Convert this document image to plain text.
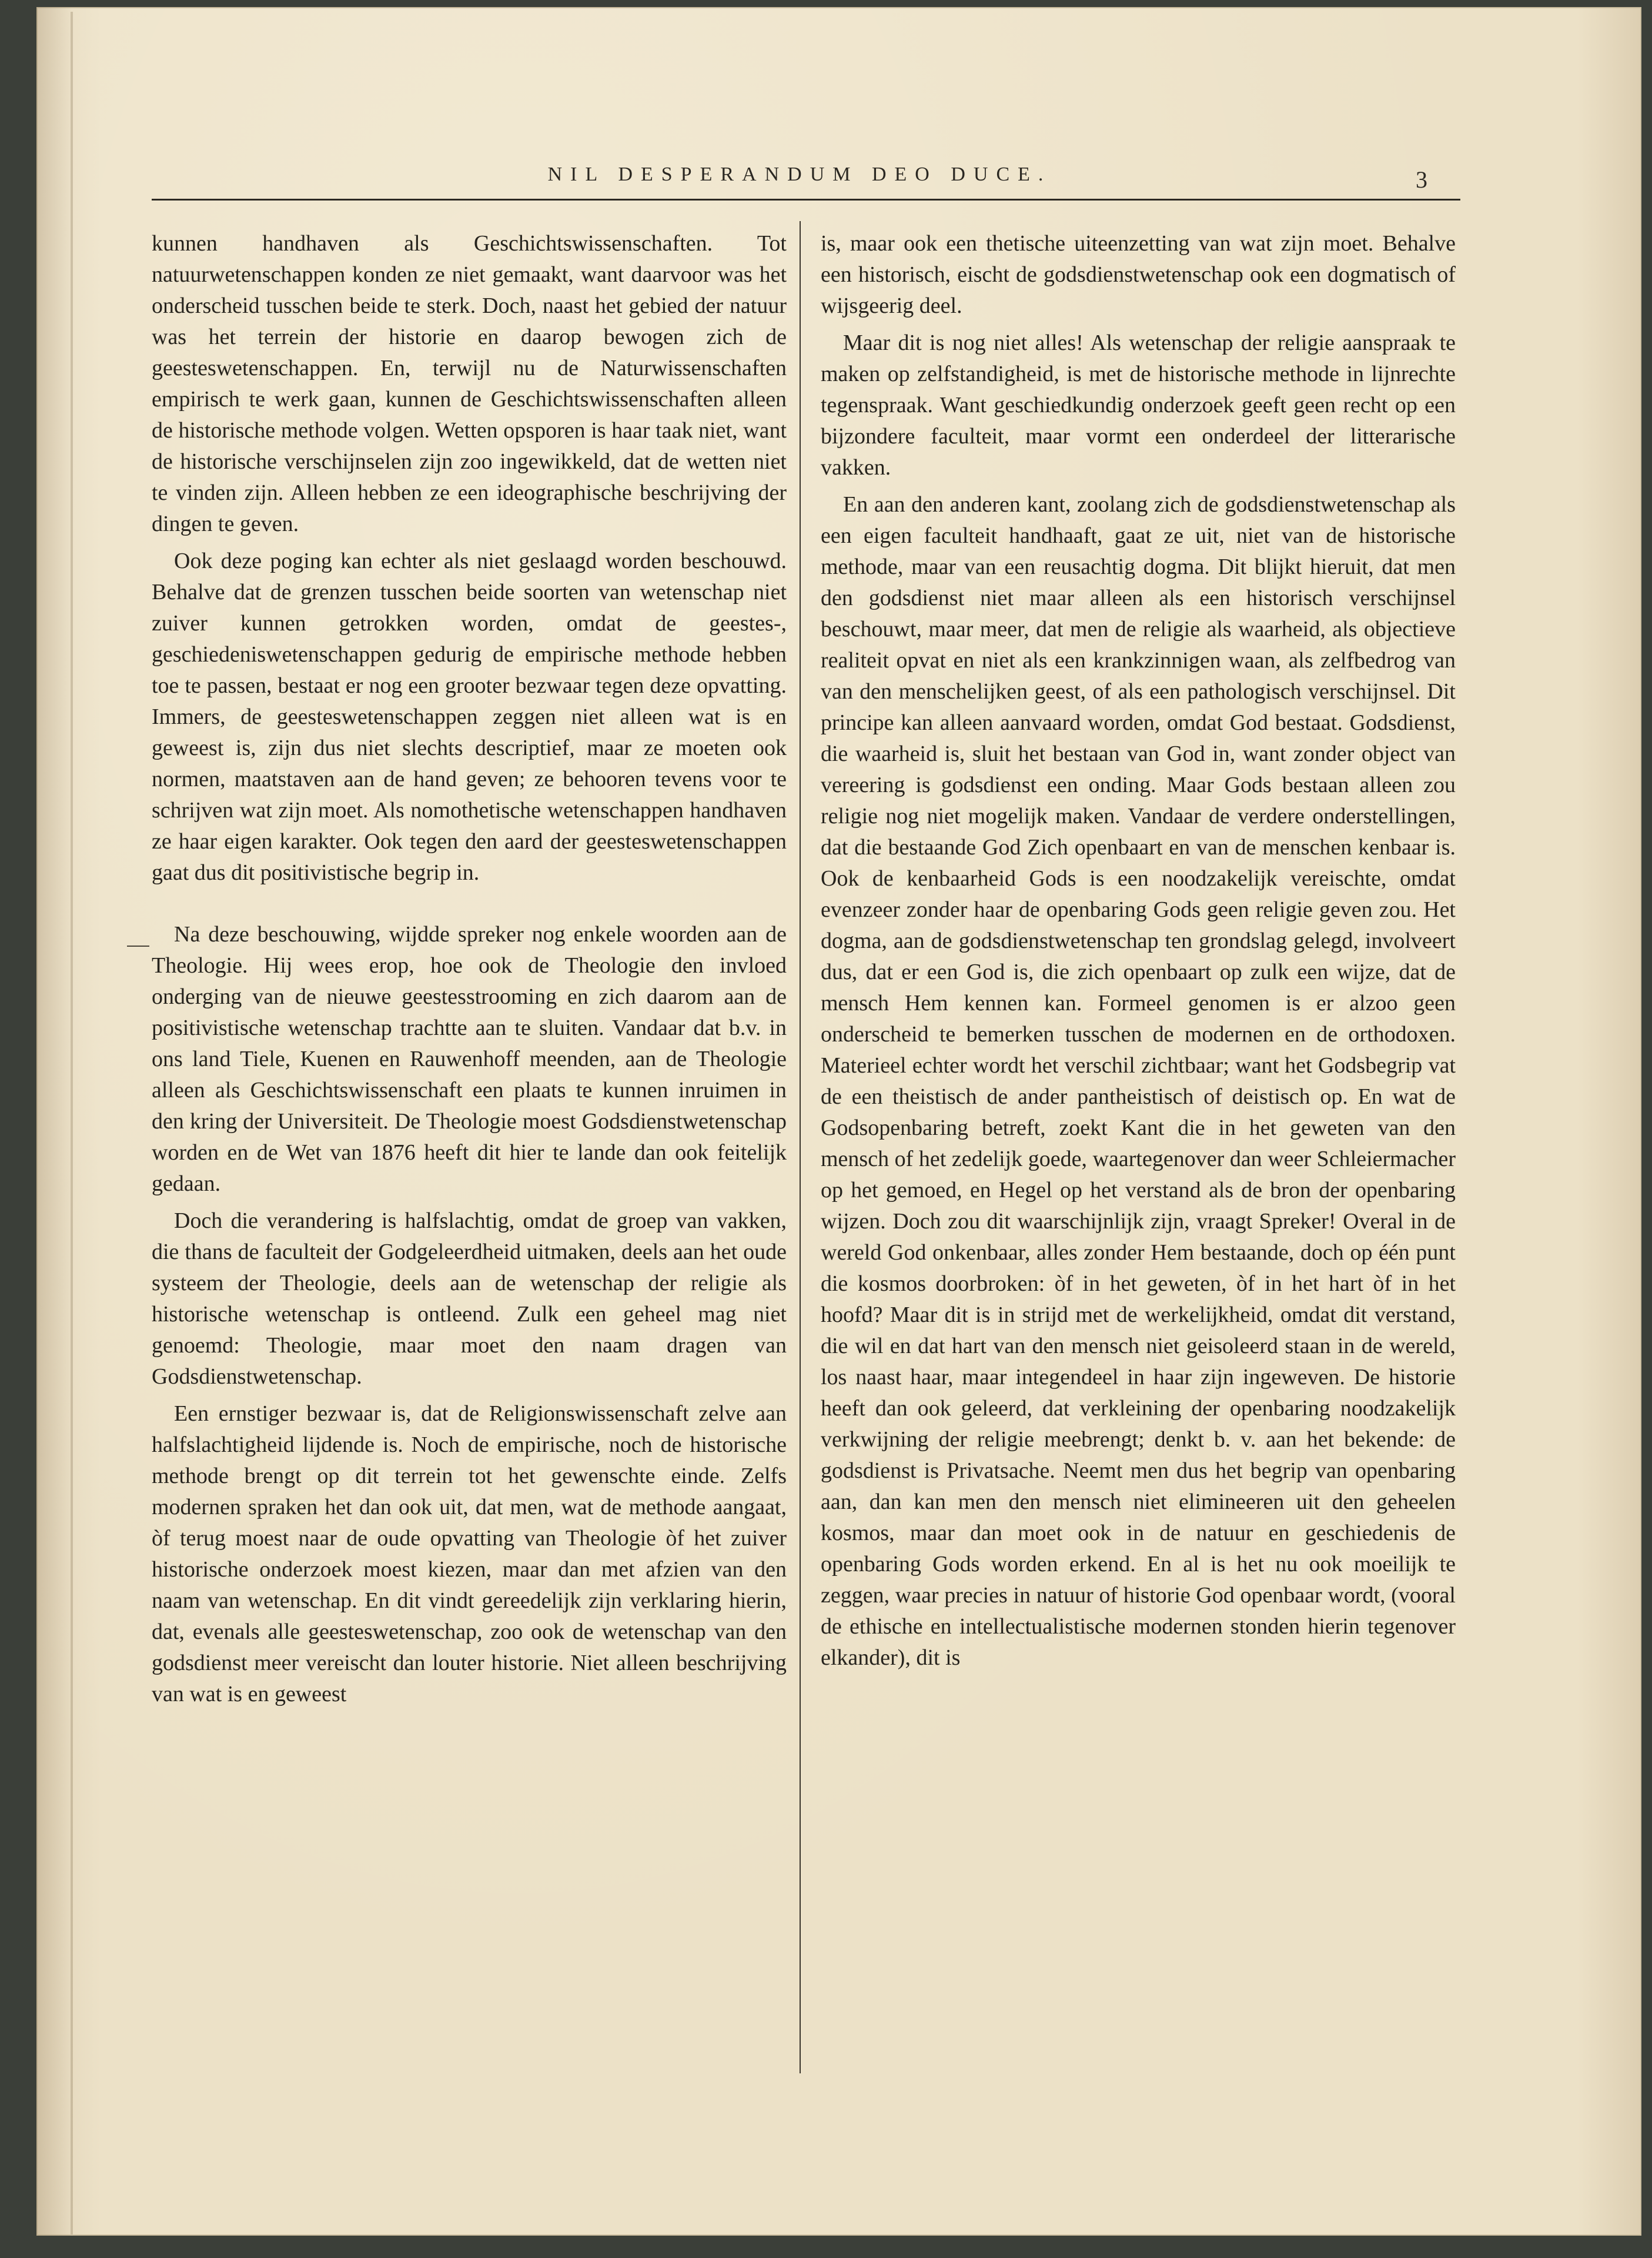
NIL DESPERANDUM DEO DUCE.	3

kunnen handhaven als Geschichtswissenschaften. Tot natuurwetenschappen konden ze niet gemaakt, want daarvoor was het onderscheid tusschen beide te sterk. Doch, naast het gebied der natuur was het terrein der historie en daarop bewogen zich de geesteswetenschappen. En, terwijl nu de Naturwissenschaften empirisch te werk gaan, kunnen de Geschichtswissenschaften alleen de historische methode volgen. Wetten opsporen is haar taak niet, want de historische verschijnselen zijn zoo ingewikkeld, dat de wetten niet te vinden zijn. Alleen hebben ze een ideographische beschrijving der dingen te geven.

Ook deze poging kan echter als niet geslaagd worden beschouwd. Behalve dat de grenzen tusschen beide soorten van wetenschap niet zuiver kunnen getrokken worden, omdat de geestes-, geschiedeniswetenschappen gedurig de empirische methode hebben toe te passen, bestaat er nog een grooter bezwaar tegen deze opvatting. Immers, de geesteswetenschappen zeggen niet alleen wat is en geweest is, zijn dus niet slechts descriptief, maar ze moeten ook normen, maatstaven aan de hand geven; ze behooren tevens voor te schrijven wat zijn moet. Als nomothetische wetenschappen handhaven ze haar eigen karakter. Ook tegen den aard der geesteswetenschappen gaat dus dit positivistische begrip in.

Na deze beschouwing, wijdde spreker nog enkele woorden aan de Theologie. Hij wees erop, hoe ook de Theologie den invloed onderging van de nieuwe geestesstrooming en zich daarom aan de positivistische wetenschap trachtte aan te sluiten. Vandaar dat b.v. in ons land Tiele, Kuenen en Rauwenhoff meenden, aan de Theologie alleen als Geschichtswissenschaft een plaats te kunnen inruimen in den kring der Universiteit. De Theologie moest Godsdienstwetenschap worden en de Wet van 1876 heeft dit hier te lande dan ook feitelijk gedaan.

Doch die verandering is halfslachtig, omdat de groep van vakken, die thans de faculteit der Godgeleerdheid uitmaken, deels aan het oude systeem der Theologie, deels aan de wetenschap der religie als historische wetenschap is ontleend. Zulk een geheel mag niet genoemd: Theologie, maar moet den naam dragen van Godsdienstwetenschap.

Een ernstiger bezwaar is, dat de Religionswissenschaft zelve aan halfslachtigheid lijdende is. Noch de empirische, noch de historische methode brengt op dit terrein tot het gewenschte einde. Zelfs modernen spraken het dan ook uit, dat men, wat de methode aangaat, òf terug moest naar de oude opvatting van Theologie òf het zuiver historische onderzoek moest kiezen, maar dan met afzien van den naam van wetenschap. En dit vindt gereedelijk zijn verklaring hierin, dat, evenals alle geesteswetenschap, zoo ook de wetenschap van den godsdienst meer vereischt dan louter historie. Niet alleen beschrijving van wat is en geweest

is, maar ook een thetische uiteenzetting van wat zijn moet. Behalve een historisch, eischt de godsdienstwetenschap ook een dogmatisch of wijsgeerig deel.

Maar dit is nog niet alles! Als wetenschap der religie aanspraak te maken op zelfstandigheid, is met de historische methode in lijnrechte tegenspraak. Want geschiedkundig onderzoek geeft geen recht op een bijzondere faculteit, maar vormt een onderdeel der litterarische vakken.

En aan den anderen kant, zoolang zich de godsdienstwetenschap als een eigen faculteit handhaaft, gaat ze uit, niet van de historische methode, maar van een reusachtig dogma. Dit blijkt hieruit, dat men den godsdienst niet maar alleen als een historisch verschijnsel beschouwt, maar meer, dat men de religie als waarheid, als objectieve realiteit opvat en niet als een krankzinnigen waan, als zelfbedrog van van den menschelijken geest, of als een pathologisch verschijnsel. Dit principe kan alleen aanvaard worden, omdat God bestaat. Godsdienst, die waarheid is, sluit het bestaan van God in, want zonder object van vereering is godsdienst een onding. Maar Gods bestaan alleen zou religie nog niet mogelijk maken. Vandaar de verdere onderstellingen, dat die bestaande God Zich openbaart en van de menschen kenbaar is. Ook de kenbaarheid Gods is een noodzakelijk vereischte, omdat evenzeer zonder haar de openbaring Gods geen religie geven zou. Het dogma, aan de godsdienstwetenschap ten grondslag gelegd, involveert dus, dat er een God is, die zich openbaart op zulk een wijze, dat de mensch Hem kennen kan. Formeel genomen is er alzoo geen onderscheid te bemerken tusschen de modernen en de orthodoxen. Materieel echter wordt het verschil zichtbaar; want het Godsbegrip vat de een theistisch de ander pantheistisch of deistisch op. En wat de Godsopenbaring betreft, zoekt Kant die in het geweten van den mensch of het zedelijk goede, waartegenover dan weer Schleiermacher op het gemoed, en Hegel op het verstand als de bron der openbaring wijzen. Doch zou dit waarschijnlijk zijn, vraagt Spreker! Overal in de wereld God onkenbaar, alles zonder Hem bestaande, doch op één punt die kosmos doorbroken: òf in het geweten, òf in het hart òf in het hoofd? Maar dit is in strijd met de werkelijkheid, omdat dit verstand, die wil en dat hart van den mensch niet geisoleerd staan in de wereld, los naast haar, maar integendeel in haar zijn ingeweven. De historie heeft dan ook geleerd, dat verkleining der openbaring noodzakelijk verkwijning der religie meebrengt; denkt b. v. aan het bekende: de godsdienst is Privatsache. Neemt men dus het begrip van openbaring aan, dan kan men den mensch niet elimineeren uit den geheelen kosmos, maar dan moet ook in de natuur en geschiedenis de openbaring Gods worden erkend. En al is het nu ook moeilijk te zeggen, waar precies in natuur of historie God openbaar wordt, (vooral de ethische en intellectualistische modernen stonden hierin tegenover elkander), dit is
